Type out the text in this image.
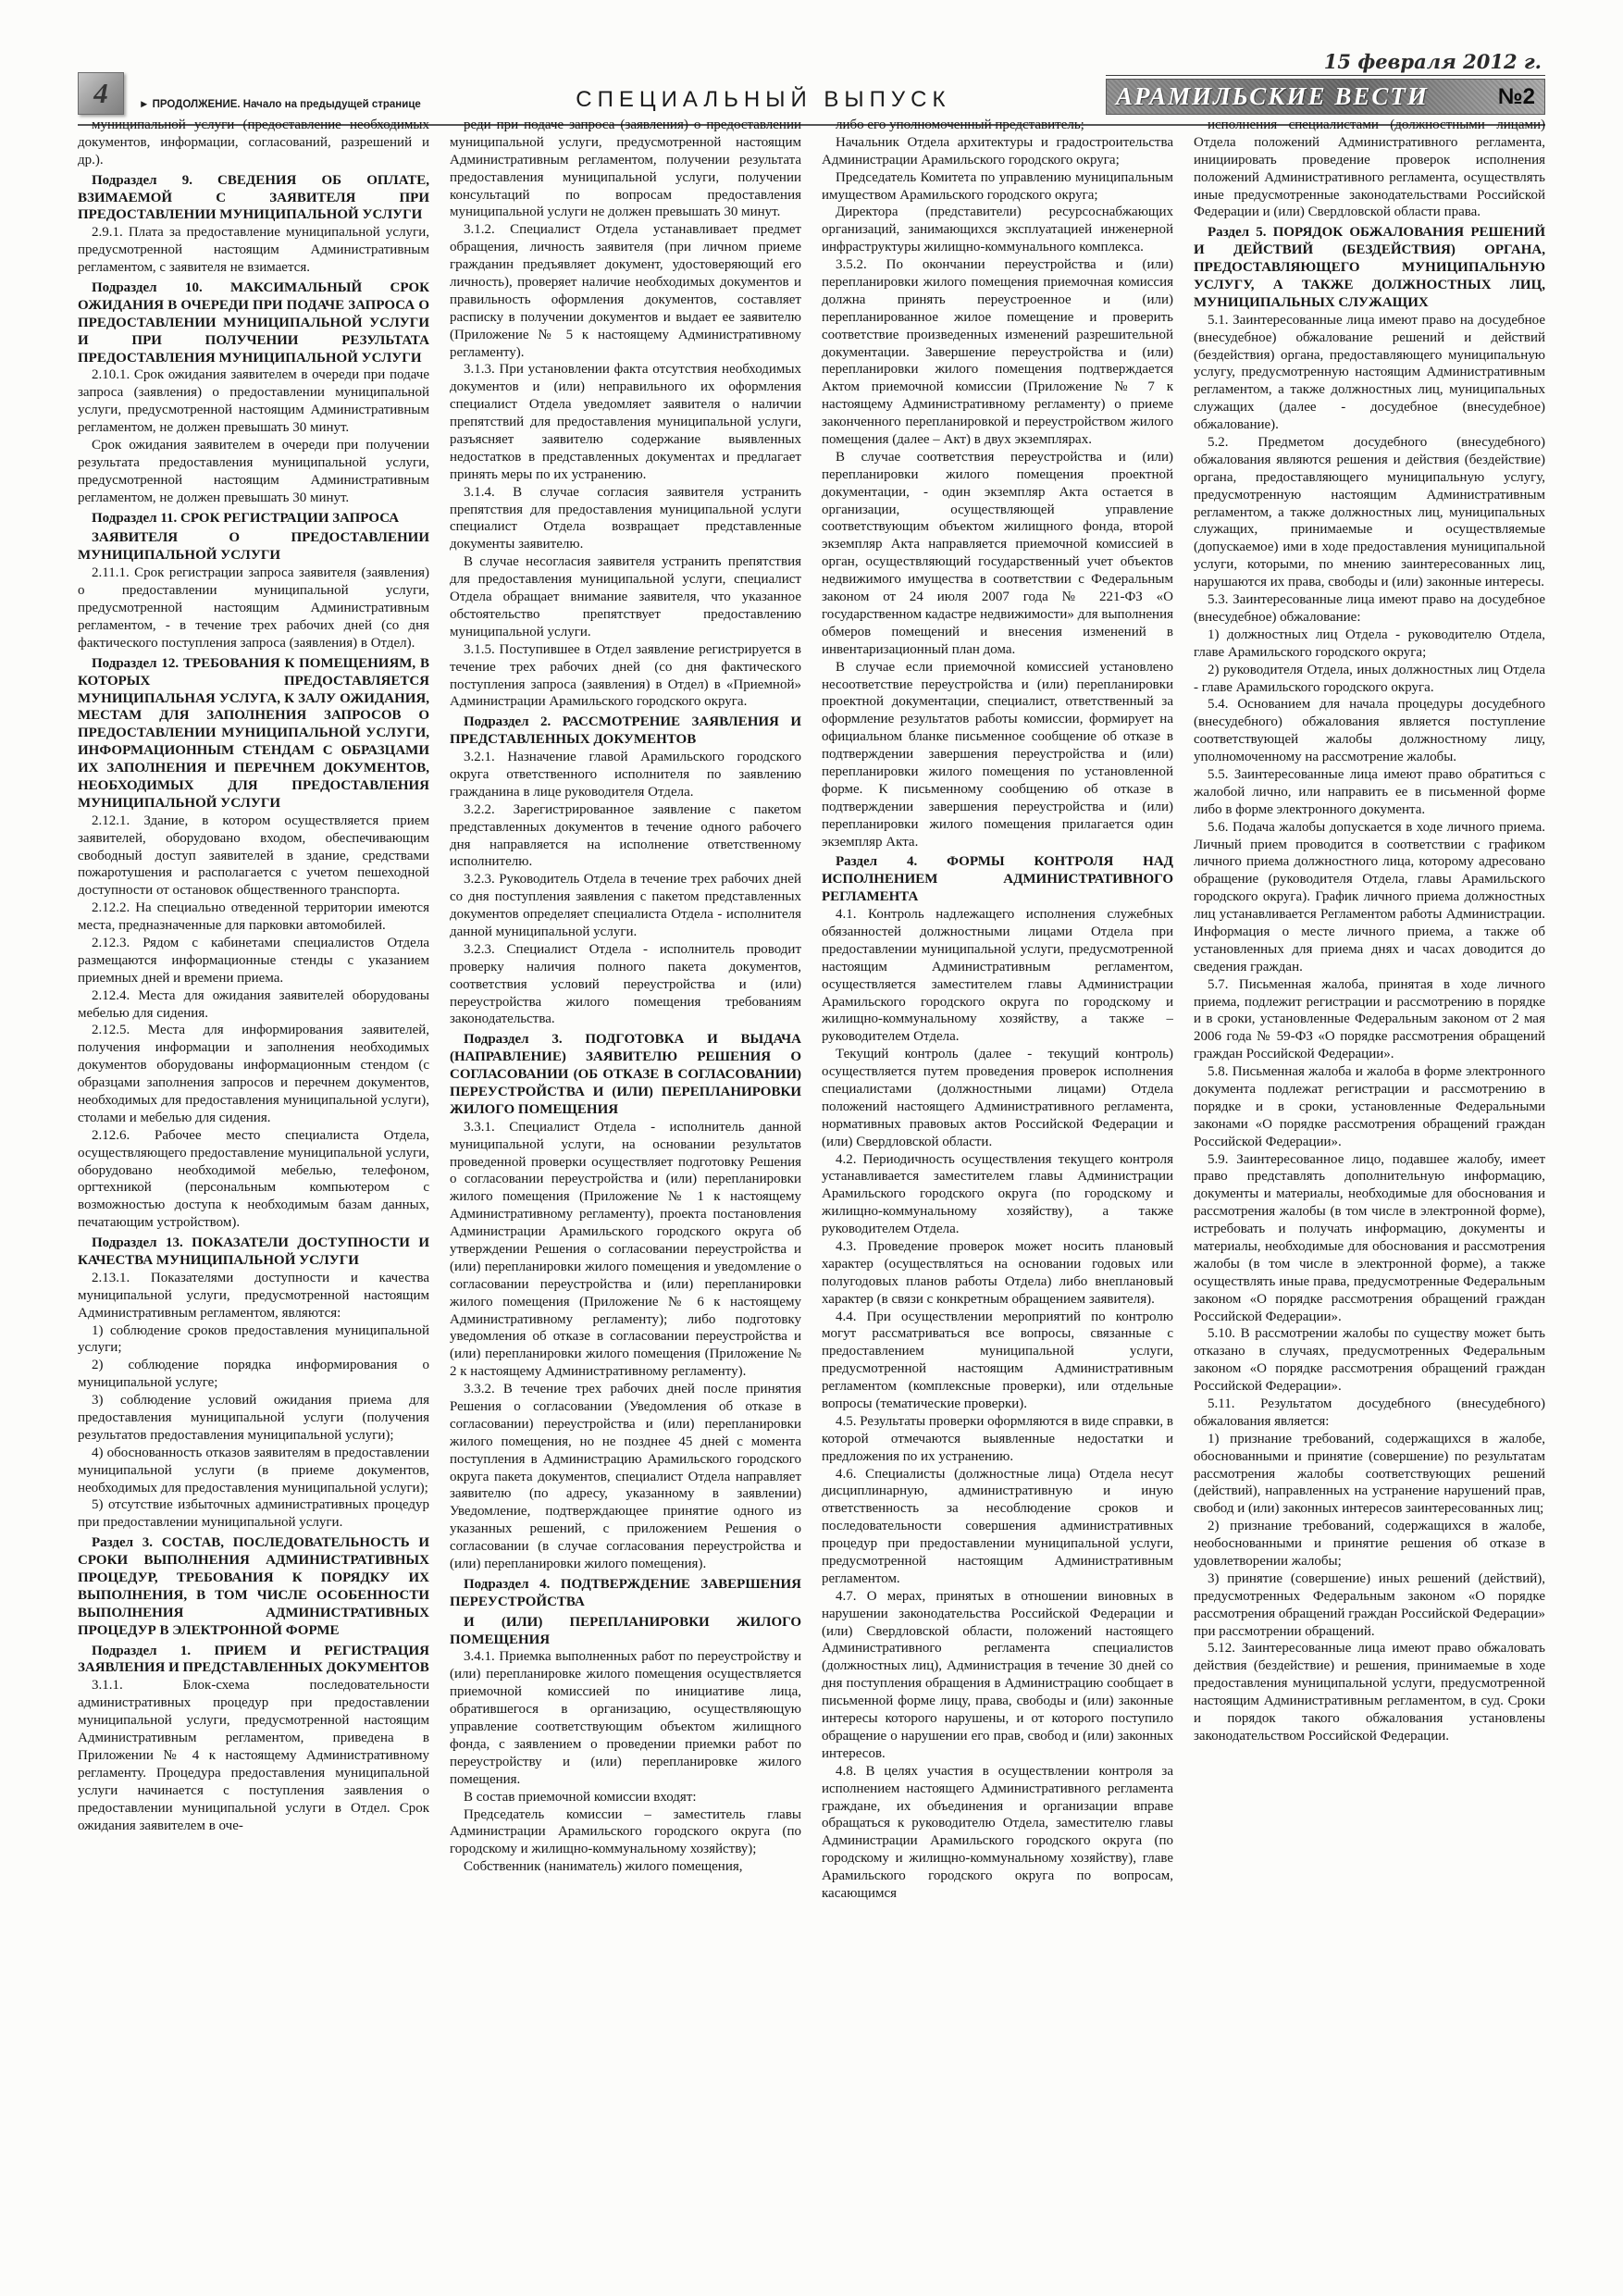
4	► ПРОДОЛЖЕНИЕ. Начало на предыдущей странице	СПЕЦИАЛЬНЫЙ ВЫПУСК
15 февраля 2012 г.
АРАМИЛЬСКИЕ ВЕСТИ	№2

муниципальной услуги (предоставление необходимых документов, информации, согласований, разрешений и др.).

Подраздел 9. СВЕДЕНИЯ ОБ ОПЛАТЕ, ВЗИМАЕМОЙ С ЗАЯВИТЕЛЯ ПРИ ПРЕДОСТАВЛЕНИИ МУНИЦИПАЛЬНОЙ УСЛУГИ

2.9.1. Плата за предоставление муниципальной услуги, предусмотренной настоящим Административным регламентом, с заявителя не взимается.

Подраздел 10. МАКСИМАЛЬНЫЙ СРОК ОЖИДАНИЯ В ОЧЕРЕДИ ПРИ ПОДАЧЕ ЗАПРОСА О ПРЕДОСТАВЛЕНИИ МУНИЦИПАЛЬНОЙ УСЛУГИ И ПРИ ПОЛУЧЕНИИ РЕЗУЛЬТАТА ПРЕДОСТАВЛЕНИЯ МУНИЦИПАЛЬНОЙ УСЛУГИ

2.10.1. Срок ожидания заявителем в очереди при подаче запроса (заявления) о предоставлении муниципальной услуги, предусмотренной настоящим Административным регламентом, не должен превышать 30 минут.

Срок ожидания заявителем в очереди при получении результата предоставления муниципальной услуги, предусмотренной настоящим Административным регламентом, не должен превышать 30 минут.

Подраздел 11. СРОК РЕГИСТРАЦИИ ЗАПРОСА

ЗАЯВИТЕЛЯ О ПРЕДОСТАВЛЕНИИ МУНИЦИПАЛЬНОЙ УСЛУГИ

2.11.1. Срок регистрации запроса заявителя (заявления) о предоставлении муниципальной услуги, предусмотренной настоящим Административным регламентом, - в течение трех рабочих дней (со дня фактического поступления запроса (заявления) в Отдел).

Подраздел 12. ТРЕБОВАНИЯ К ПОМЕЩЕНИЯМ, В КОТОРЫХ ПРЕДОСТАВЛЯЕТСЯ МУНИЦИПАЛЬНАЯ УСЛУГА, К ЗАЛУ ОЖИДАНИЯ, МЕСТАМ ДЛЯ ЗАПОЛНЕНИЯ ЗАПРОСОВ О ПРЕДОСТАВЛЕНИИ МУНИЦИПАЛЬНОЙ УСЛУГИ, ИНФОРМАЦИОННЫМ СТЕНДАМ С ОБРАЗЦАМИ ИХ ЗАПОЛНЕНИЯ И ПЕРЕЧНЕМ ДОКУМЕНТОВ, НЕОБХОДИМЫХ ДЛЯ ПРЕДОСТАВЛЕНИЯ МУНИЦИПАЛЬНОЙ УСЛУГИ

2.12.1. Здание, в котором осуществляется прием заявителей, оборудовано входом, обеспечивающим свободный доступ заявителей в здание, средствами пожаротушения и располагается с учетом пешеходной доступности от остановок общественного транспорта.

2.12.2. На специально отведенной территории имеются места, предназначенные для парковки автомобилей.

2.12.3. Рядом с кабинетами специалистов Отдела размещаются информационные стенды с указанием приемных дней и времени приема.

2.12.4. Места для ожидания заявителей оборудованы мебелью для сидения.

2.12.5. Места для информирования заявителей, получения информации и заполнения необходимых документов оборудованы информационным стендом (с образцами заполнения запросов и перечнем документов, необходимых для предоставления муниципальной услуги), столами и мебелью для сидения.

2.12.6. Рабочее место специалиста Отдела, осуществляющего предоставление муниципальной услуги, оборудовано необходимой мебелью, телефоном, оргтехникой (персональным компьютером с возможностью доступа к необходимым базам данных, печатающим устройством).

Подраздел 13. ПОКАЗАТЕЛИ ДОСТУПНОСТИ И КАЧЕСТВА МУНИЦИПАЛЬНОЙ УСЛУГИ

2.13.1. Показателями доступности и качества муниципальной услуги, предусмотренной настоящим Административным регламентом, являются:

1) соблюдение сроков предоставления муниципальной услуги;

2) соблюдение порядка информирования о муниципальной услуге;

3) соблюдение условий ожидания приема для предоставления муниципальной услуги (получения результатов предоставления муниципальной услуги);

4) обоснованность отказов заявителям в предоставлении муниципальной услуги (в приеме документов, необходимых для предоставления муниципальной услуги);

5) отсутствие избыточных административных процедур при предоставлении муниципальной услуги.

Раздел 3. СОСТАВ, ПОСЛЕДОВАТЕЛЬНОСТЬ И СРОКИ ВЫПОЛНЕНИЯ АДМИНИСТРАТИВНЫХ ПРОЦЕДУР, ТРЕБОВАНИЯ К ПОРЯДКУ ИХ ВЫПОЛНЕНИЯ, В ТОМ ЧИСЛЕ ОСОБЕННОСТИ ВЫПОЛНЕНИЯ АДМИНИСТРАТИВНЫХ ПРОЦЕДУР В ЭЛЕКТРОННОЙ ФОРМЕ

Подраздел 1. ПРИЕМ И РЕГИСТРАЦИЯ ЗАЯВЛЕНИЯ И ПРЕДСТАВЛЕННЫХ ДОКУМЕНТОВ

3.1.1. Блок-схема последовательности административных процедур при предоставлении муниципальной услуги, предусмотренной настоящим Административным регламентом, приведена в Приложении № 4 к настоящему Административному регламенту. Процедура предоставления муниципальной услуги начинается с поступления заявления о предоставлении муниципальной услуги в Отдел. Срок ожидания заявителем в оче-

реди при подаче запроса (заявления) о предоставлении муниципальной услуги, предусмотренной настоящим Административным регламентом, получении результата предоставления муниципальной услуги, получении консультаций по вопросам предоставления муниципальной услуги не должен превышать 30 минут.

3.1.2. Специалист Отдела устанавливает предмет обращения, личность заявителя (при личном приеме гражданин предъявляет документ, удостоверяющий его личность), проверяет наличие необходимых документов и правильность оформления документов, составляет расписку в получении документов и выдает ее заявителю (Приложение № 5 к настоящему Административному регламенту).

3.1.3. При установлении факта отсутствия необходимых документов и (или) неправильного их оформления специалист Отдела уведомляет заявителя о наличии препятствий для предоставления муниципальной услуги, разъясняет заявителю содержание выявленных недостатков в представленных документах и предлагает принять меры по их устранению.

3.1.4. В случае согласия заявителя устранить препятствия для предоставления муниципальной услуги специалист Отдела возвращает представленные документы заявителю.

В случае несогласия заявителя устранить препятствия для предоставления муниципальной услуги, специалист Отдела обращает внимание заявителя, что указанное обстоятельство препятствует предоставлению муниципальной услуги.

3.1.5. Поступившее в Отдел заявление регистрируется в течение трех рабочих дней (со дня фактического поступления запроса (заявления) в Отдел) в «Приемной» Администрации Арамильского городского округа.

Подраздел 2. РАССМОТРЕНИЕ ЗАЯВЛЕНИЯ И ПРЕДСТАВЛЕННЫХ ДОКУМЕНТОВ

3.2.1. Назначение главой Арамильского городского округа ответственного исполнителя по заявлению гражданина в лице руководителя Отдела.

3.2.2. Зарегистрированное заявление с пакетом представленных документов в течение одного рабочего дня направляется на исполнение ответственному исполнителю.

3.2.3. Руководитель Отдела в течение трех рабочих дней со дня поступления заявления с пакетом представленных документов определяет специалиста Отдела - исполнителя данной муниципальной услуги.

3.2.3. Специалист Отдела - исполнитель проводит проверку наличия полного пакета документов, соответствия условий переустройства и (или) переустройства жилого помещения требованиям законодательства.

Подраздел 3. ПОДГОТОВКА И ВЫДАЧА (НАПРАВЛЕНИЕ) ЗАЯВИТЕЛЮ РЕШЕНИЯ О СОГЛАСОВАНИИ (ОБ ОТКАЗЕ В СОГЛАСОВАНИИ) ПЕРЕУСТРОЙСТВА И (ИЛИ) ПЕРЕПЛАНИРОВКИ ЖИЛОГО ПОМЕЩЕНИЯ

3.3.1. Специалист Отдела - исполнитель данной муниципальной услуги, на основании результатов проведенной проверки осуществляет подготовку Решения о согласовании переустройства и (или) перепланировки жилого помещения (Приложение № 1 к настоящему Административному регламенту), проекта постановления Администрации Арамильского городского округа об утверждении Решения о согласовании переустройства и (или) перепланировки жилого помещения и уведомление о согласовании переустройства и (или) перепланировки жилого помещения (Приложение № 6 к настоящему Административному регламенту); либо подготовку уведомления об отказе в согласовании переустройства и (или) перепланировки жилого помещения (Приложение № 2 к настоящему Административному регламенту).

3.3.2. В течение трех рабочих дней после принятия Решения о согласовании (Уведомления об отказе в согласовании) переустройства и (или) перепланировки жилого помещения, но не позднее 45 дней с момента поступления в Администрацию Арамильского городского округа пакета документов, специалист Отдела направляет заявителю (по адресу, указанному в заявлении) Уведомление, подтверждающее принятие одного из указанных решений, с приложением Решения о согласовании (в случае согласования переустройства и (или) перепланировки жилого помещения).

Подраздел 4. ПОДТВЕРЖДЕНИЕ ЗАВЕРШЕНИЯ ПЕРЕУСТРОЙСТВА

И (ИЛИ) ПЕРЕПЛАНИРОВКИ ЖИЛОГО ПОМЕЩЕНИЯ

3.4.1. Приемка выполненных работ по переустройству и (или) перепланировке жилого помещения осуществляется приемочной комиссией по инициативе лица, обратившегося в организацию, осуществляющую управление соответствующим объектом жилищного фонда, с заявлением о проведении приемки работ по переустройству и (или) перепланировке жилого помещения.

В состав приемочной комиссии входят:

Председатель комиссии – заместитель главы Администрации Арамильского городского округа (по городскому и жилищно-коммунальному хозяйству);

Собственник (наниматель) жилого помещения,

либо его уполномоченный представитель;

Начальник Отдела архитектуры и градостроительства Администрации Арамильского городского округа;

Председатель Комитета по управлению муниципальным имуществом Арамильского городского округа;

Директора (представители) ресурсоснабжающих организаций, занимающихся эксплуатацией инженерной инфраструктуры жилищно-коммунального комплекса.

3.5.2. По окончании переустройства и (или) перепланировки жилого помещения приемочная комиссия должна принять переустроенное и (или) перепланированное жилое помещение и проверить соответствие произведенных изменений разрешительной документации. Завершение переустройства и (или) перепланировки жилого помещения подтверждается Актом приемочной комиссии (Приложение № 7 к настоящему Административному регламенту) о приеме законченного перепланировкой и переустройством жилого помещения (далее – Акт) в двух экземплярах.

В случае соответствия переустройства и (или) перепланировки жилого помещения проектной документации, - один экземпляр Акта остается в организации, осуществляющей управление соответствующим объектом жилищного фонда, второй экземпляр Акта направляется приемочной комиссией в орган, осуществляющий государственный учет объектов недвижимого имущества в соответствии с Федеральным законом от 24 июля 2007 года № 221-ФЗ «О государственном кадастре недвижимости» для выполнения обмеров помещений и внесения изменений в инвентаризационный план дома.

В случае если приемочной комиссией установлено несоответствие переустройства и (или) перепланировки проектной документации, специалист, ответственный за оформление результатов работы комиссии, формирует на официальном бланке письменное сообщение об отказе в подтверждении завершения переустройства и (или) перепланировки жилого помещения по установленной форме. К письменному сообщению об отказе в подтверждении завершения переустройства и (или) перепланировки жилого помещения прилагается один экземпляр Акта.

Раздел 4. ФОРМЫ КОНТРОЛЯ НАД ИСПОЛНЕНИЕМ АДМИНИСТРАТИВНОГО РЕГЛАМЕНТА

4.1. Контроль надлежащего исполнения служебных обязанностей должностными лицами Отдела при предоставлении муниципальной услуги, предусмотренной настоящим Административным регламентом, осуществляется заместителем главы Администрации Арамильского городского округа по городскому и жилищно-коммунальному хозяйству, а также – руководителем Отдела.

Текущий контроль (далее - текущий контроль) осуществляется путем проведения проверок исполнения специалистами (должностными лицами) Отдела положений настоящего Административного регламента, нормативных правовых актов Российской Федерации и (или) Свердловской области.

4.2. Периодичность осуществления текущего контроля устанавливается заместителем главы Администрации Арамильского городского округа (по городскому и жилищно-коммунальному хозяйству), а также руководителем Отдела.

4.3. Проведение проверок может носить плановый характер (осуществляться на основании годовых или полугодовых планов работы Отдела) либо внеплановый характер (в связи с конкретным обращением заявителя).

4.4. При осуществлении мероприятий по контролю могут рассматриваться все вопросы, связанные с предоставлением муниципальной услуги, предусмотренной настоящим Административным регламентом (комплексные проверки), или отдельные вопросы (тематические проверки).

4.5. Результаты проверки оформляются в виде справки, в которой отмечаются выявленные недостатки и предложения по их устранению.

4.6. Специалисты (должностные лица) Отдела несут дисциплинарную, административную и иную ответственность за несоблюдение сроков и последовательности совершения административных процедур при предоставлении муниципальной услуги, предусмотренной настоящим Административным регламентом.

4.7. О мерах, принятых в отношении виновных в нарушении законодательства Российской Федерации и (или) Свердловской области, положений настоящего Административного регламента специалистов (должностных лиц), Администрация в течение 30 дней со дня поступления обращения в Администрацию сообщает в письменной форме лицу, права, свободы и (или) законные интересы которого нарушены, и от которого поступило обращение о нарушении его прав, свобод и (или) законных интересов.

4.8. В целях участия в осуществлении контроля за исполнением настоящего Административного регламента граждане, их объединения и организации вправе обращаться к руководителю Отдела, заместителю главы Администрации Арамильского городского округа (по городскому и жилищно-коммунальному хозяйству), главе Арамильского городского округа по вопросам, касающимся

исполнения специалистами (должностными лицами) Отдела положений Административного регламента, инициировать проведение проверок исполнения положений Административного регламента, осуществлять иные предусмотренные законодательствами Российской Федерации и (или) Свердловской области права.

Раздел 5. ПОРЯДОК ОБЖАЛОВАНИЯ РЕШЕНИЙ И ДЕЙСТВИЙ (БЕЗДЕЙСТВИЯ) ОРГАНА, ПРЕДОСТАВЛЯЮЩЕГО МУНИЦИПАЛЬНУЮ УСЛУГУ, А ТАКЖЕ ДОЛЖНОСТНЫХ ЛИЦ, МУНИЦИПАЛЬНЫХ СЛУЖАЩИХ

5.1. Заинтересованные лица имеют право на досудебное (внесудебное) обжалование решений и действий (бездействия) органа, предоставляющего муниципальную услугу, предусмотренную настоящим Административным регламентом, а также должностных лиц, муниципальных служащих (далее - досудебное (внесудебное) обжалование).

5.2. Предметом досудебного (внесудебного) обжалования являются решения и действия (бездействие) органа, предоставляющего муниципальную услугу, предусмотренную настоящим Административным регламентом, а также должностных лиц, муниципальных служащих, принимаемые и осуществляемые (допускаемое) ими в ходе предоставления муниципальной услуги, которыми, по мнению заинтересованных лиц, нарушаются их права, свободы и (или) законные интересы.

5.3. Заинтересованные лица имеют право на досудебное (внесудебное) обжалование:

1) должностных лиц Отдела - руководителю Отдела, главе Арамильского городского округа;

2) руководителя Отдела, иных должностных лиц Отдела - главе Арамильского городского округа.

5.4. Основанием для начала процедуры досудебного (внесудебного) обжалования является поступление соответствующей жалобы должностному лицу, уполномоченному на рассмотрение жалобы.

5.5. Заинтересованные лица имеют право обратиться с жалобой лично, или направить ее в письменной форме либо в форме электронного документа.

5.6. Подача жалобы допускается в ходе личного приема. Личный прием проводится в соответствии с графиком личного приема должностного лица, которому адресовано обращение (руководителя Отдела, главы Арамильского городского округа). График личного приема должностных лиц устанавливается Регламентом работы Администрации. Информация о месте личного приема, а также об установленных для приема днях и часах доводится до сведения граждан.

5.7. Письменная жалоба, принятая в ходе личного приема, подлежит регистрации и рассмотрению в порядке и в сроки, установленные Федеральным законом от 2 мая 2006 года № 59-ФЗ «О порядке рассмотрения обращений граждан Российской Федерации».

5.8. Письменная жалоба и жалоба в форме электронного документа подлежат регистрации и рассмотрению в порядке и в сроки, установленные Федеральными законами «О порядке рассмотрения обращений граждан Российской Федерации».

5.9. Заинтересованное лицо, подавшее жалобу, имеет право представлять дополнительную информацию, документы и материалы, необходимые для обоснования и рассмотрения жалобы (в том числе в электронной форме), истребовать и получать информацию, документы и материалы, необходимые для обоснования и рассмотрения жалобы (в том числе в электронной форме), а также осуществлять иные права, предусмотренные Федеральным законом «О порядке рассмотрения обращений граждан Российской Федерации».

5.10. В рассмотрении жалобы по существу может быть отказано в случаях, предусмотренных Федеральным законом «О порядке рассмотрения обращений граждан Российской Федерации».

5.11. Результатом досудебного (внесудебного) обжалования является:

1) признание требований, содержащихся в жалобе, обоснованными и принятие (совершение) по результатам рассмотрения жалобы соответствующих решений (действий), направленных на устранение нарушений прав, свобод и (или) законных интересов заинтересованных лиц;

2) признание требований, содержащихся в жалобе, необоснованными и принятие решения об отказе в удовлетворении жалобы;

3) принятие (совершение) иных решений (действий), предусмотренных Федеральным законом «О порядке рассмотрения обращений граждан Российской Федерации» при рассмотрении обращений.

5.12. Заинтересованные лица имеют право обжаловать действия (бездействие) и решения, принимаемые в ходе предоставления муниципальной услуги, предусмотренной настоящим Административным регламентом, в суд. Сроки и порядок такого обжалования установлены законодательством Российской Федерации.
